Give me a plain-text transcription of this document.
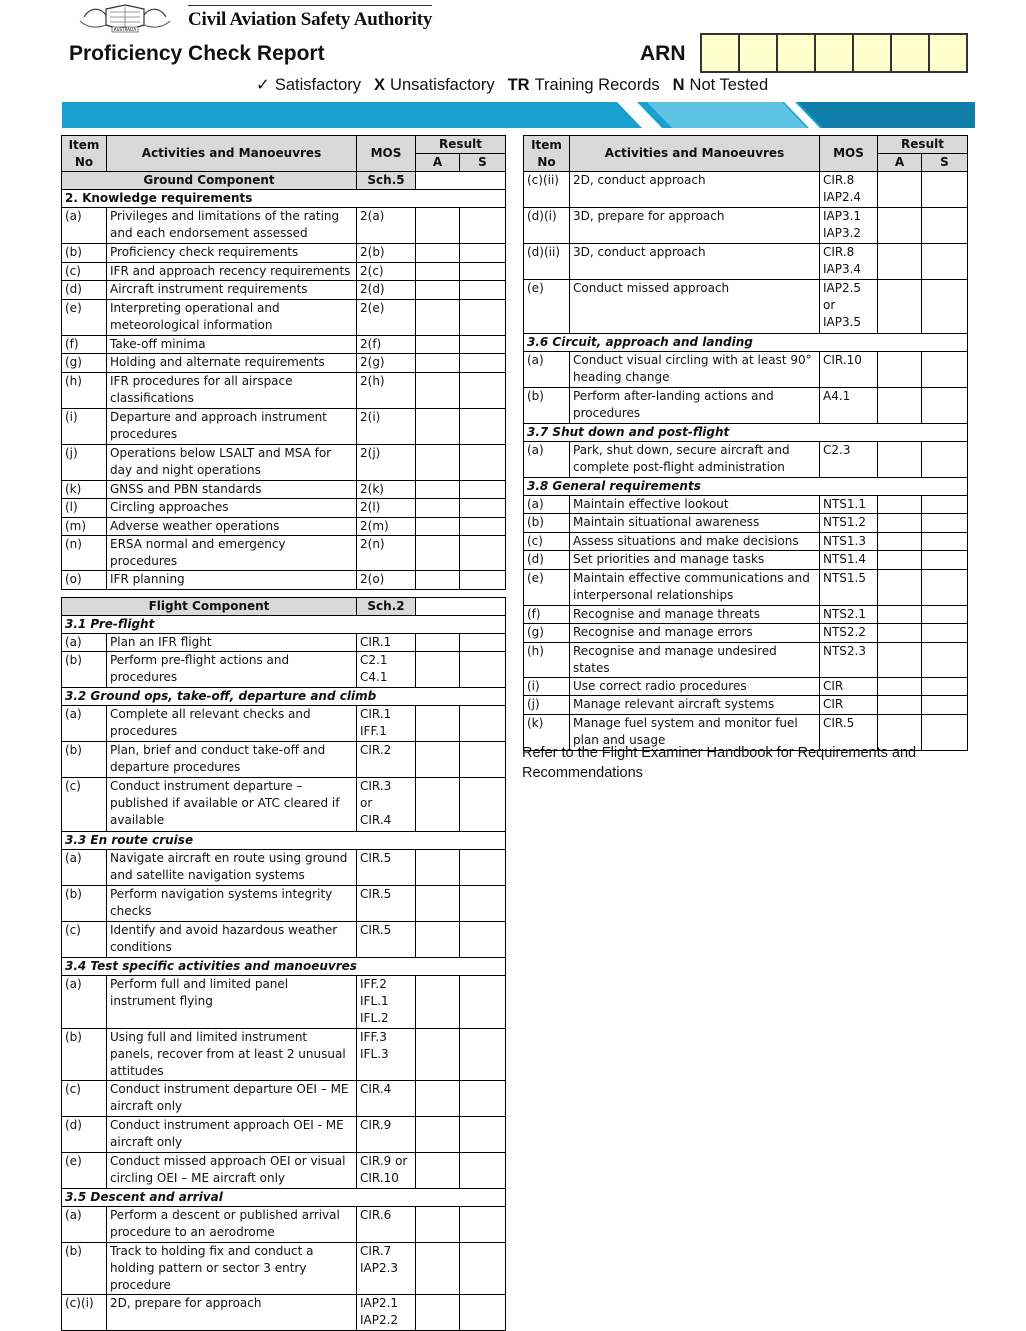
AUSTRALIA	Civil Aviation Safety Authority
Proficiency Check Report	ARN
✓ Satisfactory X Unsatisfactory TR Training Records N Not Tested
Item No	Activities and Manoeuvres	MOS	Result	
			A	S
Ground Component		Sch.5		
2. Knowledge requirements				
(a)	Privileges and limitations of the rating and each endorsement assessed	2(a)		
(b)	Proficiency check requirements	2(b)		
(c)	IFR and approach recency requirements	2(c)		
(d)	Aircraft instrument requirements	2(d)		
(e)	Interpreting operational and meteorological information	2(e)		
(f)	Take-off minima	2(f)		
(g)	Holding and alternate requirements	2(g)		
(h)	IFR procedures for all airspace classifications	2(h)		
(i)	Departure and approach instrument procedures	2(i)		
(j)	Operations below LSALT and MSA for day and night operations	2(j)		
(k)	GNSS and PBN standards	2(k)		
(l)	Circling approaches	2(l)		
(m)	Adverse weather operations	2(m)		
(n)	ERSA normal and emergency procedures	2(n)		
(o)	IFR planning	2(o)		

Flight Component		Sch.2		
3.1 Pre-flight				
(a)	Plan an IFR flight	CIR.1		
(b)	Perform pre-flight actions and procedures	C2.1
C4.1		
3.2 Ground ops, take-off, departure and climb				
(a)	Complete all relevant checks and procedures	CIR.1
IFF.1		
(b)	Plan, brief and conduct take-off and departure procedures	CIR.2		
(c)	Conduct instrument departure – published if available or ATC cleared if available	CIR.3
or
CIR.4		
3.3 En route cruise				
(a)	Navigate aircraft en route using ground and satellite navigation systems	CIR.5		
(b)	Perform navigation systems integrity checks	CIR.5		
(c)	Identify and avoid hazardous weather conditions	CIR.5		
3.4 Test specific activities and manoeuvres				
(a)	Perform full and limited panel instrument flying	IFF.2
IFL.1
IFL.2		
(b)	Using full and limited instrument panels, recover from at least 2 unusual attitudes	IFF.3
IFL.3		
(c)	Conduct instrument departure OEI – ME aircraft only	CIR.4		
(d)	Conduct instrument approach OEI - ME aircraft only	CIR.9		
(e)	Conduct missed approach OEI or visual circling OEI – ME aircraft only	CIR.9 or
CIR.10		
3.5 Descent and arrival				
(a)	Perform a descent or published arrival procedure to an aerodrome	CIR.6		
(b)	Track to holding fix and conduct a holding pattern or sector 3 entry procedure	CIR.7
IAP2.3		
(c)(i)	2D, prepare for approach	IAP2.1
IAP2.2		
Item No	Activities and Manoeuvres	MOS	Result	
			A	S
(c)(ii)	2D, conduct approach	CIR.8
IAP2.4		
(d)(i)	3D, prepare for approach	IAP3.1
IAP3.2		
(d)(ii)	3D, conduct approach	CIR.8
IAP3.4		
(e)	Conduct missed approach	IAP2.5
or
IAP3.5		
3.6 Circuit, approach and landing				
(a)	Conduct visual circling with at least 90° heading change	CIR.10		
(b)	Perform after-landing actions and procedures	A4.1		
3.7 Shut down and post-flight				
(a)	Park, shut down, secure aircraft and complete post-flight administration	C2.3		
3.8 General requirements				
(a)	Maintain effective lookout	NTS1.1		
(b)	Maintain situational awareness	NTS1.2		
(c)	Assess situations and make decisions	NTS1.3		
(d)	Set priorities and manage tasks	NTS1.4		
(e)	Maintain effective communications and interpersonal relationships	NTS1.5		
(f)	Recognise and manage threats	NTS2.1		
(g)	Recognise and manage errors	NTS2.2		
(h)	Recognise and manage undesired states	NTS2.3		
(i)	Use correct radio procedures	CIR		
(j)	Manage relevant aircraft systems	CIR		
(k)	Manage fuel system and monitor fuel plan and usage	CIR.5		
Refer to the Flight Examiner Handbook for Requirements and Recommendations
